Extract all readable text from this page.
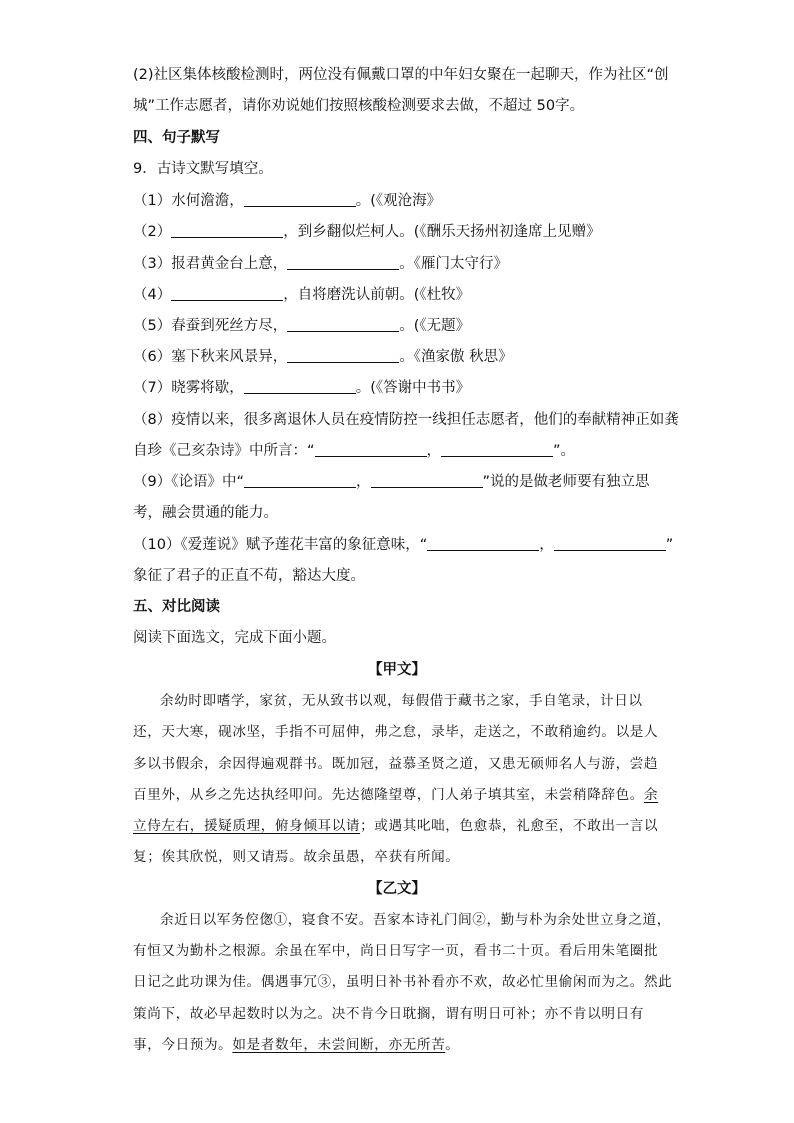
(2)社区集体核酸检测时，两位没有佩戴口罩的中年妇女聚在一起聊天，作为社区“创
城”工作志愿者，请你劝说她们按照核酸检测要求去做，不超过 50字。
四、句子默写
9．古诗文默写填空。
（1）水何澹澹，	。(《观沧海》
（2）	，到乡翻似烂柯人。(《酬乐天扬州初逢席上见赠》
（3）报君黄金台上意，	。《雁门太守行》
（4）	，自将磨洗认前朝。(《杜牧》
（5）春蚕到死丝方尽，	。(《无题》
（6）塞下秋来风景异，	。《渔家傲 秋思》
（7）晓雾将歇，	。(《答谢中书书》
（8）疫情以来，很多离退休人员在疫情防控一线担任志愿者，他们的奉献精神正如龚
自珍《己亥杂诗》中所言：“	，	”。
（9）《论语》中“	，	”说的是做老师要有独立思
考，融会贯通的能力。
（10）《爱莲说》赋予莲花丰富的象征意味，“	，	”
象征了君子的正直不苟，豁达大度。
五、对比阅读
阅读下面选文，完成下面小题。
【甲文】
余幼时即嗜学，家贫，无从致书以观，每假借于藏书之家，手自笔录，计日以
还，天大寒，砚冰坚，手指不可屈伸，弗之怠，录毕，走送之，不敢稍逾约。以是人
多以书假余，余因得遍观群书。既加冠，益慕圣贤之道，又患无硕师名人与游，尝趋
百里外，从乡之先达执经叩问。先达德隆望尊，门人弟子填其室，未尝稍降辞色。余
立侍左右，援疑质理，俯身倾耳以请；或遇其叱咄，色愈恭，礼愈至，不敢出一言以
复；俟其欣悦，则又请焉。故余虽愚，卒获有所闻。
【乙文】
余近日以军务倥偬①，寝食不安。吾家本诗礼门闾②，勤与朴为余处世立身之道，
有恒又为勤朴之根源。余虽在军中，尚日日写字一页，看书二十页。看后用朱笔圈批
日记之此功课为佳。偶遇事冗③，虽明日补书补看亦不欢，故必忙里偷闲而为之。然此
策尚下，故必早起数时以为之。决不肯今日耽搁，谓有明日可补；亦不肯以明日有
事，今日预为。如是者数年，未尝间断，亦无所苦。
